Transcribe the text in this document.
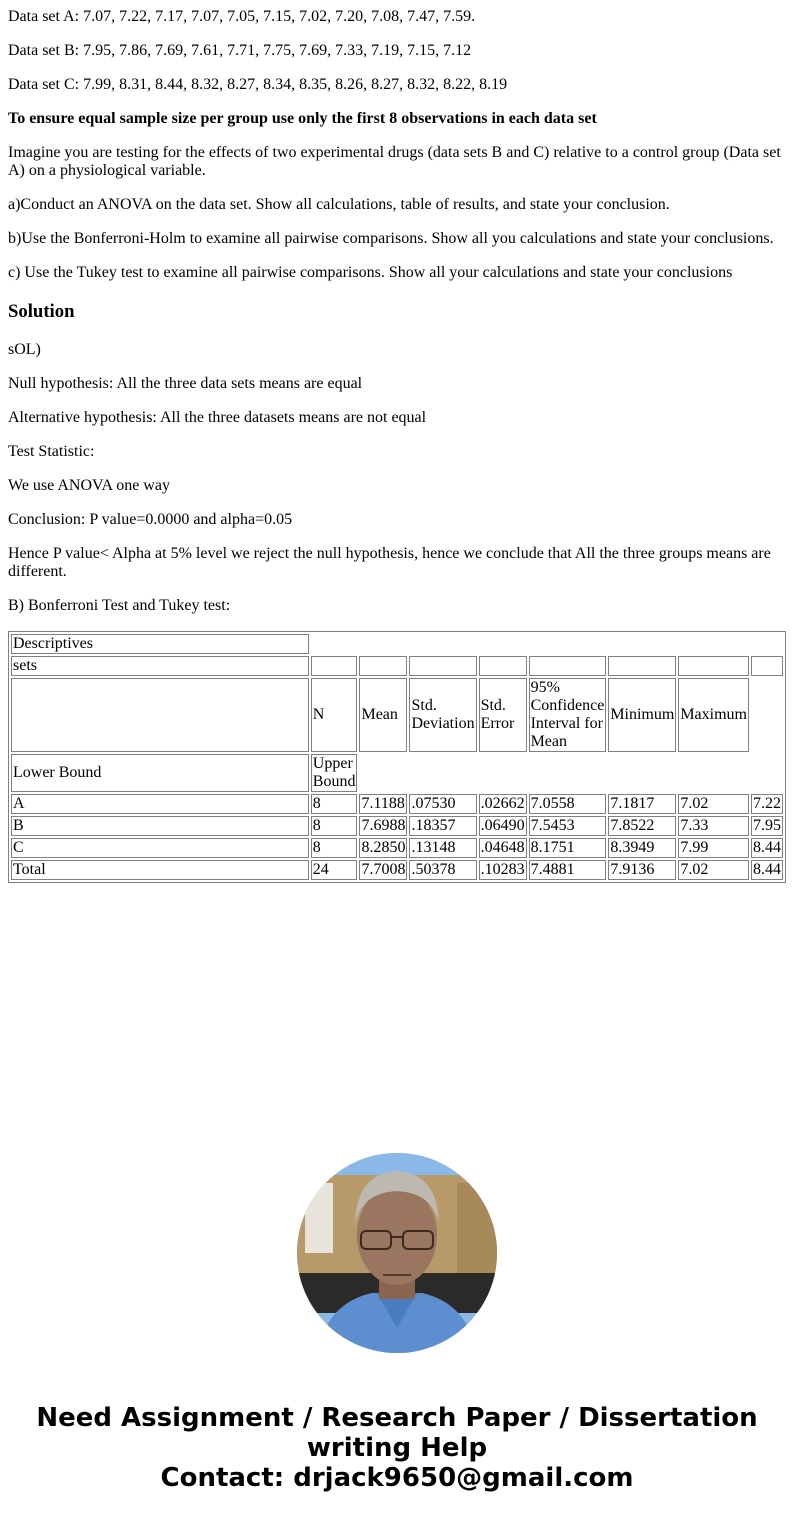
Data set A: 7.07, 7.22, 7.17, 7.07, 7.05, 7.15, 7.02, 7.20, 7.08, 7.47, 7.59.

Data set B: 7.95, 7.86, 7.69, 7.61, 7.71, 7.75, 7.69, 7.33, 7.19, 7.15, 7.12

Data set C: 7.99, 8.31, 8.44, 8.32, 8.27, 8.34, 8.35, 8.26, 8.27, 8.32, 8.22, 8.19

To ensure equal sample size per group use only the first 8 observations in each data set

Imagine you are testing for the effects of two experimental drugs (data sets B and C) relative to a control group (Data set A) on a physiological variable.

a)Conduct an ANOVA on the data set. Show all calculations, table of results, and state your conclusion.

b)Use the Bonferroni-Holm to examine all pairwise comparisons. Show all you calculations and state your conclusions.

c) Use the Tukey test to examine all pairwise comparisons. Show all your calculations and state your conclusions

Solution

sOL)

Null hypothesis: All the three data sets means are equal

Alternative hypothesis: All the three datasets means are not equal

Test Statistic:

We use ANOVA one way

Conclusion: P value=0.0000 and alpha=0.05

Hence P value< Alpha at 5% level we reject the null hypothesis, hence we conclude that All the three groups means are different.

B) Bonferroni Test and Tukey test:

Descriptives								
sets								
	N	Mean	Std. Deviation	Std. Error	95% Confidence Interval for Mean	Minimum	Maximum	
Lower Bound	Upper Bound							
A	8	7.1188	.07530	.02662	7.0558	7.1817	7.02	7.22
B	8	7.6988	.18357	.06490	7.5453	7.8522	7.33	7.95
C	8	8.2850	.13148	.04648	8.1751	8.3949	7.99	8.44
Total	24	7.7008	.50378	.10283	7.4881	7.9136	7.02	8.44
Need Assignment / Research Paper / Dissertation
writing Help
Contact: drjack9650@gmail.com
